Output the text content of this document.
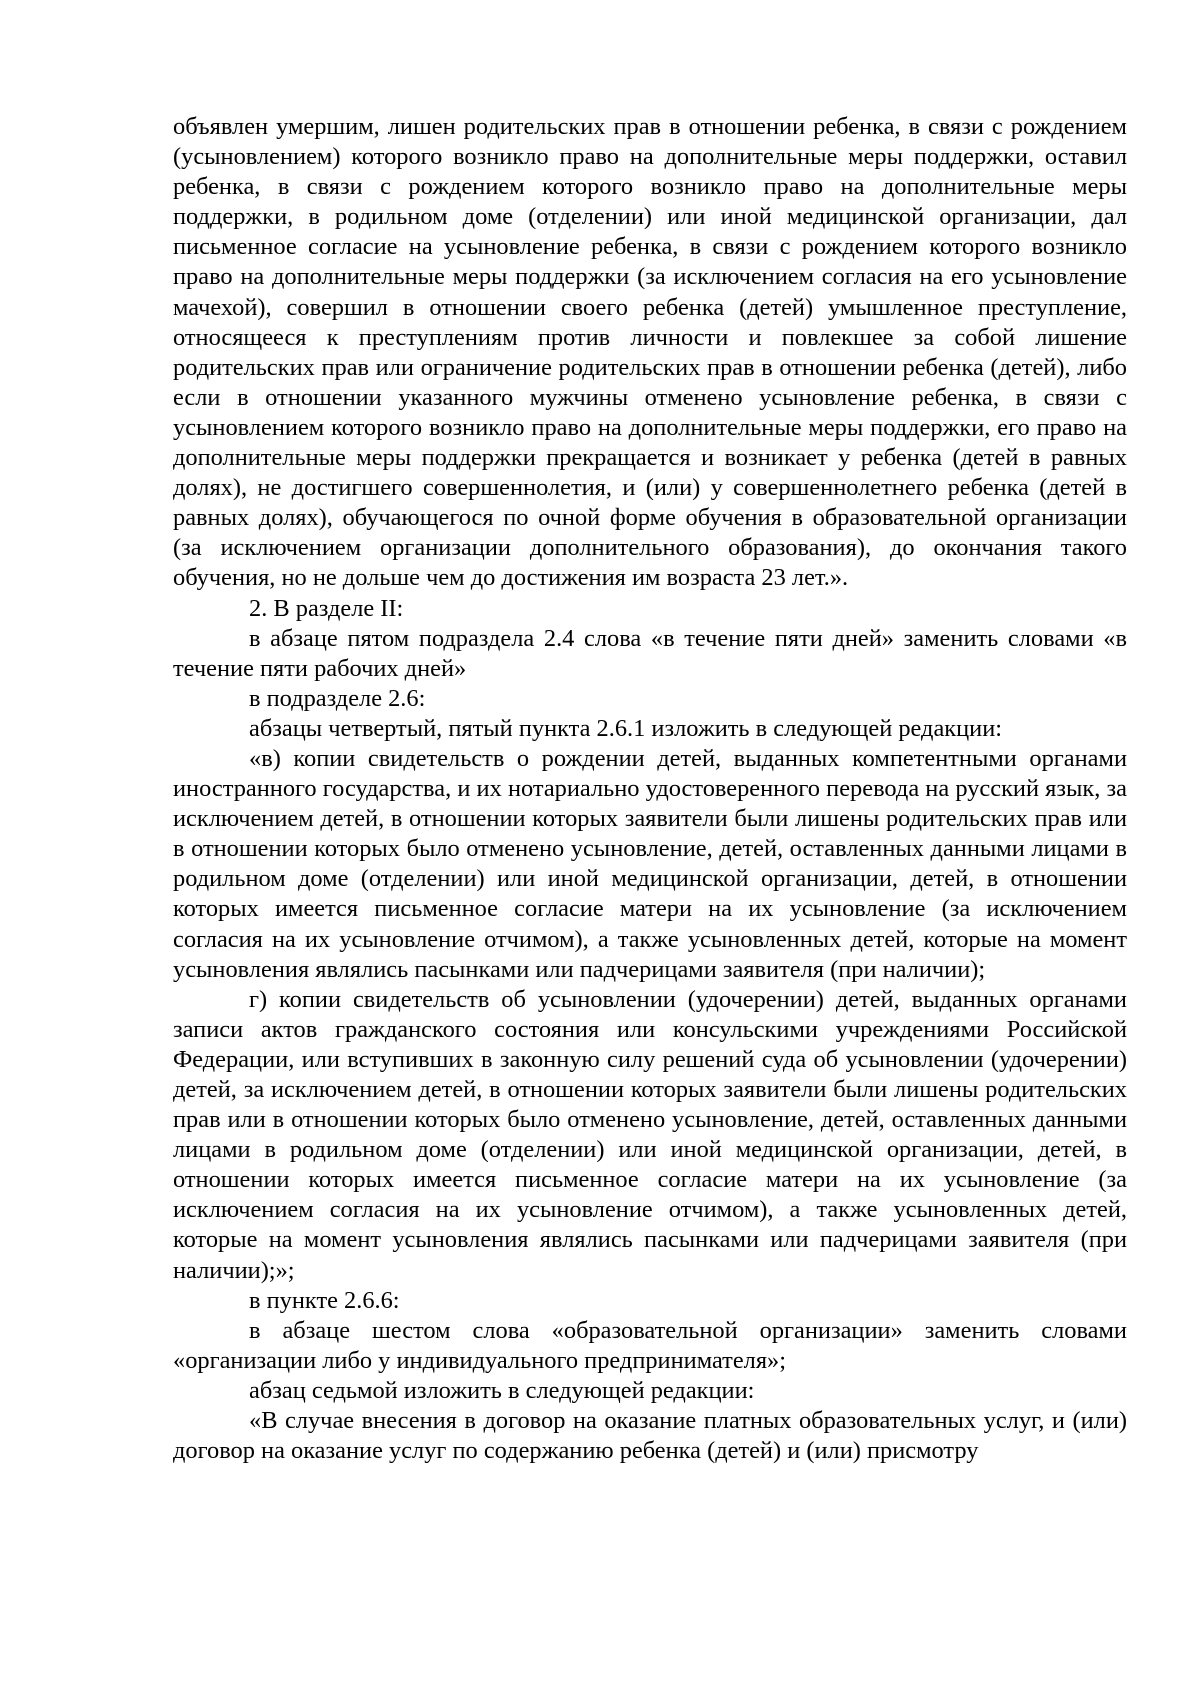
объявлен умершим, лишен родительских прав в отношении ребенка, в связи с рождением (усыновлением) которого возникло право на дополнительные меры поддержки, оставил ребенка, в связи с рождением которого возникло право на дополнительные меры поддержки, в родильном доме (отделении) или иной медицинской организации, дал письменное согласие на усыновление ребенка, в связи с рождением которого возникло право на дополнительные меры поддержки (за исключением согласия на его усыновление мачехой), совершил в отношении своего ребенка (детей) умышленное преступление, относящееся к преступлениям против личности и повлекшее за собой лишение родительских прав или ограничение родительских прав в отношении ребенка (детей), либо если в отношении указанного мужчины отменено усыновление ребенка, в связи с усыновлением которого возникло право на дополнительные меры поддержки, его право на дополнительные меры поддержки прекращается и возникает у ребенка (детей в равных долях), не достигшего совершеннолетия, и (или) у совершеннолетнего ребенка (детей в равных долях), обучающегося по очной форме обучения в образовательной организации (за исключением организации дополнительного образования), до окончания такого обучения, но не дольше чем до достижения им возраста 23 лет.».

2. В разделе II:

в абзаце пятом подраздела 2.4 слова «в течение пяти дней» заменить словами «в течение пяти рабочих дней»

в подразделе 2.6:

абзацы четвертый, пятый пункта 2.6.1 изложить в следующей редакции:

«в) копии свидетельств о рождении детей, выданных компетентными органами иностранного государства, и их нотариально удостоверенного перевода на русский язык, за исключением детей, в отношении которых заявители были лишены родительских прав или в отношении которых было отменено усыновление, детей, оставленных данными лицами в родильном доме (отделении) или иной медицинской организации, детей, в отношении которых имеется письменное согласие матери на их усыновление (за исключением согласия на их усыновление отчимом), а также усыновленных детей, которые на момент усыновления являлись пасынками или падчерицами заявителя (при наличии);

г) копии свидетельств об усыновлении (удочерении) детей, выданных органами записи актов гражданского состояния или консульскими учреждениями Российской Федерации, или вступивших в законную силу решений суда об усыновлении (удочерении) детей, за исключением детей, в отношении которых заявители были лишены родительских прав или в отношении которых было отменено усыновление, детей, оставленных данными лицами в родильном доме (отделении) или иной медицинской организации, детей, в отношении которых имеется письменное согласие матери на их усыновление (за исключением согласия на их усыновление отчимом), а также усыновленных детей, которые на момент усыновления являлись пасынками или падчерицами заявителя (при наличии);»;

в пункте 2.6.6:

в абзаце шестом слова «образовательной организации» заменить словами «организации либо у индивидуального предпринимателя»;

абзац седьмой изложить в следующей редакции:

«В случае внесения в договор на оказание платных образовательных услуг, и (или) договор на оказание услуг по содержанию ребенка (детей) и (или) присмотру
